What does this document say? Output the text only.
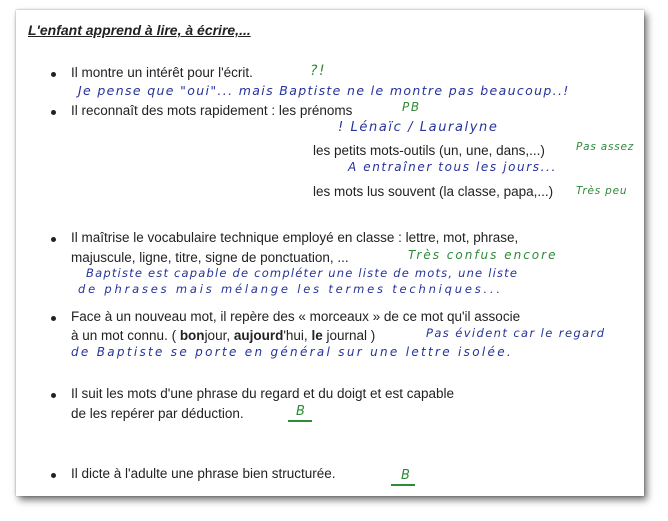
L'enfant apprend à lire, à écrire,...
Il montre un intérêt pour l'écrit.	?!
Je pense que "oui"... mais Baptiste ne le montre pas beaucoup..!
Il reconnaît des mots rapidement : les prénoms	PB
! Lénaïc / Lauralyne
les petits mots-outils (un, une, dans,...)	Pas assez
A entraîner tous les jours...
les mots lus souvent (la classe, papa,...) Très peu
Il maîtrise le vocabulaire technique employé en classe : lettre, mot, phrase,
majuscule, ligne, titre, signe de ponctuation, ...	Très confus encore
Baptiste est capable de compléter une liste de mots, une liste
de phrases mais mélange les termes techniques...
Face à un nouveau mot, il repère des « morceaux » de ce mot qu'il associe
à un mot connu. ( bonjour, aujourd'hui, le journal )	Pas évident car le regard
de Baptiste se porte en général sur une lettre isolée.
Il suit les mots d'une phrase du regard et du doigt et est capable
de les repérer par déduction.	B
Il dicte à l'adulte une phrase bien structurée.	B
